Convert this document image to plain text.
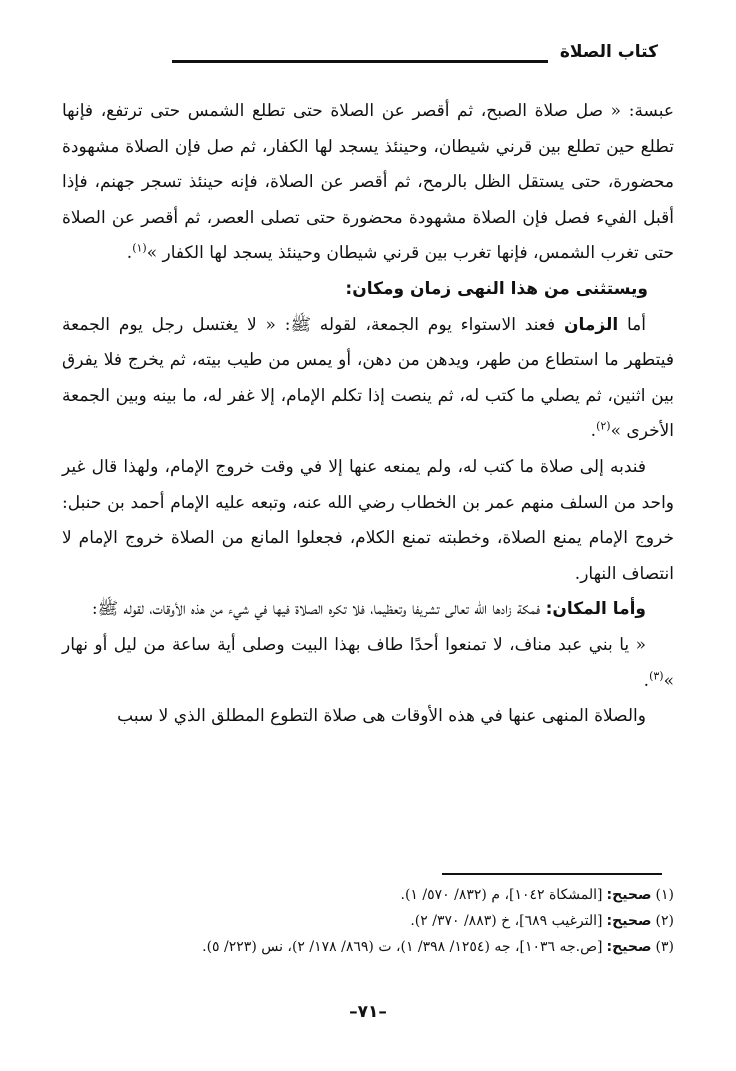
كتاب الصلاة

عبسة: « صل صلاة الصبح، ثم أقصر عن الصلاة حتى تطلع الشمس حتى ترتفع، فإنها تطلع حين تطلع بين قرني شيطان، وحينئذ يسجد لها الكفار، ثم صل فإن الصلاة مشهودة محضورة، حتى يستقل الظل بالرمح، ثم أقصر عن الصلاة، فإنه حينئذ تسجر جهنم، فإذا أقبل الفيء فصل فإن الصلاة مشهودة محضورة حتى تصلى العصر، ثم أقصر عن الصلاة حتى تغرب الشمس، فإنها تغرب بين قرني شيطان وحينئذ يسجد لها الكفار »$^{(١)}$.

ويستثنى من هذا النهى زمان ومكان:

أما الزمان فعند الاستواء يوم الجمعة، لقوله ﷺ: « لا يغتسل رجل يوم الجمعة فيتطهر ما استطاع من طهر، ويدهن من دهن، أو يمس من طيب بيته، ثم يخرج فلا يفرق بين اثنين، ثم يصلي ما كتب له، ثم ينصت إذا تكلم الإمام، إلا غفر له، ما بينه وبين الجمعة الأخرى »$^{(٢)}$.

فندبه إلى صلاة ما كتب له، ولم يمنعه عنها إلا في وقت خروج الإمام، ولهذا قال غير واحد من السلف منهم عمر بن الخطاب رضي الله عنه، وتبعه عليه الإمام أحمد بن حنبل: خروج الإمام يمنع الصلاة، وخطبته تمنع الكلام، فجعلوا المانع من الصلاة خروج الإمام لا انتصاف النهار.

وأما المكان: فمكة زادها الله تعالى تشريفا وتعظيما، فلا تكره الصلاة فيها في شيء من هذه الأوقات، لقوله ﷺ:

« يا بني عبد مناف، لا تمنعوا أحدًا طاف بهذا البيت وصلى أية ساعة من ليل أو نهار »$^{(٣)}$.

والصلاة المنهى عنها في هذه الأوقات هى صلاة التطوع المطلق الذي لا سبب

(١)صحيح:[المشكاة ١٠٤٢]، م (٨٣٢/ ٥٧٠/ ١).

(٢)صحيح:[الترغيب ٦٨٩]، خ (٨٨٣/ ٣٧٠/ ٢).

(٣)صحيح:[ص.جه ١٠٣٦]، جه (١٢٥٤/ ٣٩٨/ ١)، ت (٨٦٩/ ١٧٨/ ٢)، نس (٢٢٣/ ٥).

–٧١–
